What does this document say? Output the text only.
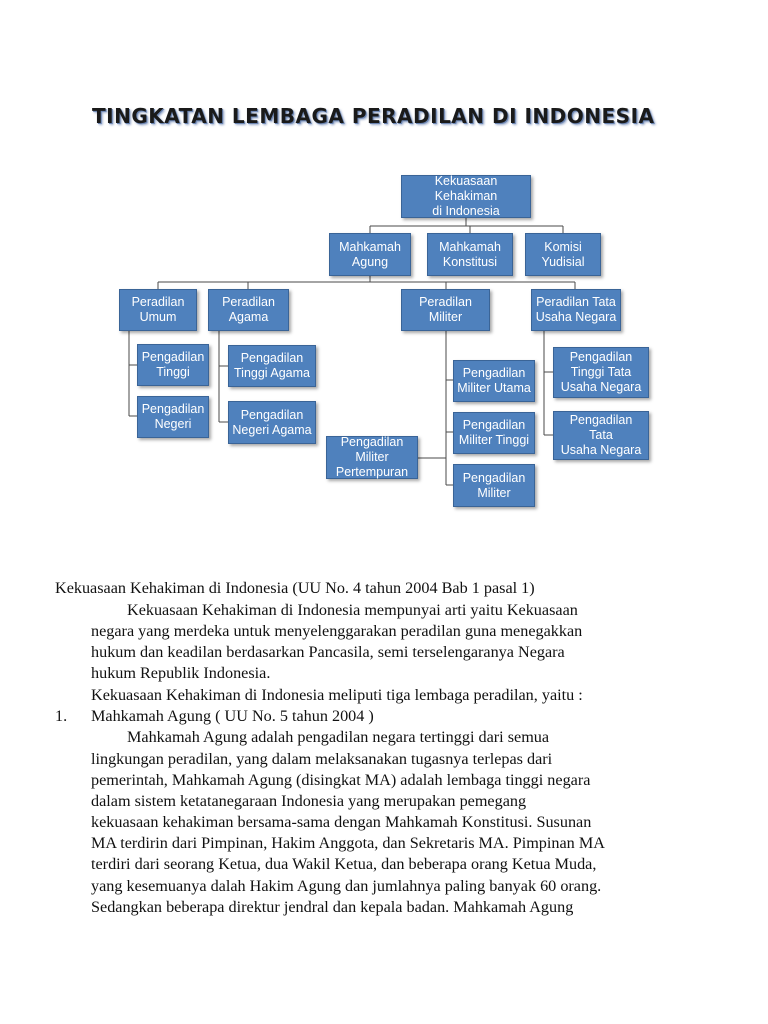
TINGKATAN LEMBAGA PERADILAN DI INDONESIA
Kekuasaan Kehakiman
di Indonesia
Mahkamah
Agung
Mahkamah
Konstitusi
Komisi
Yudisial
Peradilan
Umum
Peradilan
Agama
Peradilan
Militer
Peradilan Tata
Usaha Negara
Pengadilan
Tinggi
Pengadilan
Negeri
Pengadilan
Tinggi Agama
Pengadilan
Negeri Agama
Pengadilan
Militer Utama
Pengadilan
Militer Tinggi
Pengadilan Militer
Pertempuran	Pengadilan
Militer
Pengadilan
Tinggi Tata
Usaha Negara
Pengadilan Tata
Usaha Negara

Kekuasaan Kehakiman di Indonesia (UU No. 4 tahun 2004 Bab 1 pasal 1)

Kekuasaan Kehakiman di Indonesia mempunyai arti yaitu Kekuasaan

negara yang merdeka untuk menyelenggarakan peradilan guna menegakkan

hukum dan keadilan berdasarkan Pancasila, semi terselengaranya Negara

hukum Republik Indonesia.

Kekuasaan Kehakiman di Indonesia meliputi tiga lembaga peradilan, yaitu :

1. Mahkamah Agung ( UU No. 5 tahun 2004 )

Mahkamah Agung adalah pengadilan negara tertinggi dari semua

lingkungan peradilan, yang dalam melaksanakan tugasnya terlepas dari

pemerintah, Mahkamah Agung (disingkat MA) adalah lembaga tinggi negara

dalam sistem ketatanegaraan Indonesia yang merupakan pemegang

kekuasaan kehakiman bersama-sama dengan Mahkamah Konstitusi. Susunan

MA terdirin dari Pimpinan, Hakim Anggota, dan Sekretaris MA. Pimpinan MA

terdiri dari seorang Ketua, dua Wakil Ketua, dan beberapa orang Ketua Muda,

yang kesemuanya dalah Hakim Agung dan jumlahnya paling banyak 60 orang.

Sedangkan beberapa direktur jendral dan kepala badan. Mahkamah Agung
